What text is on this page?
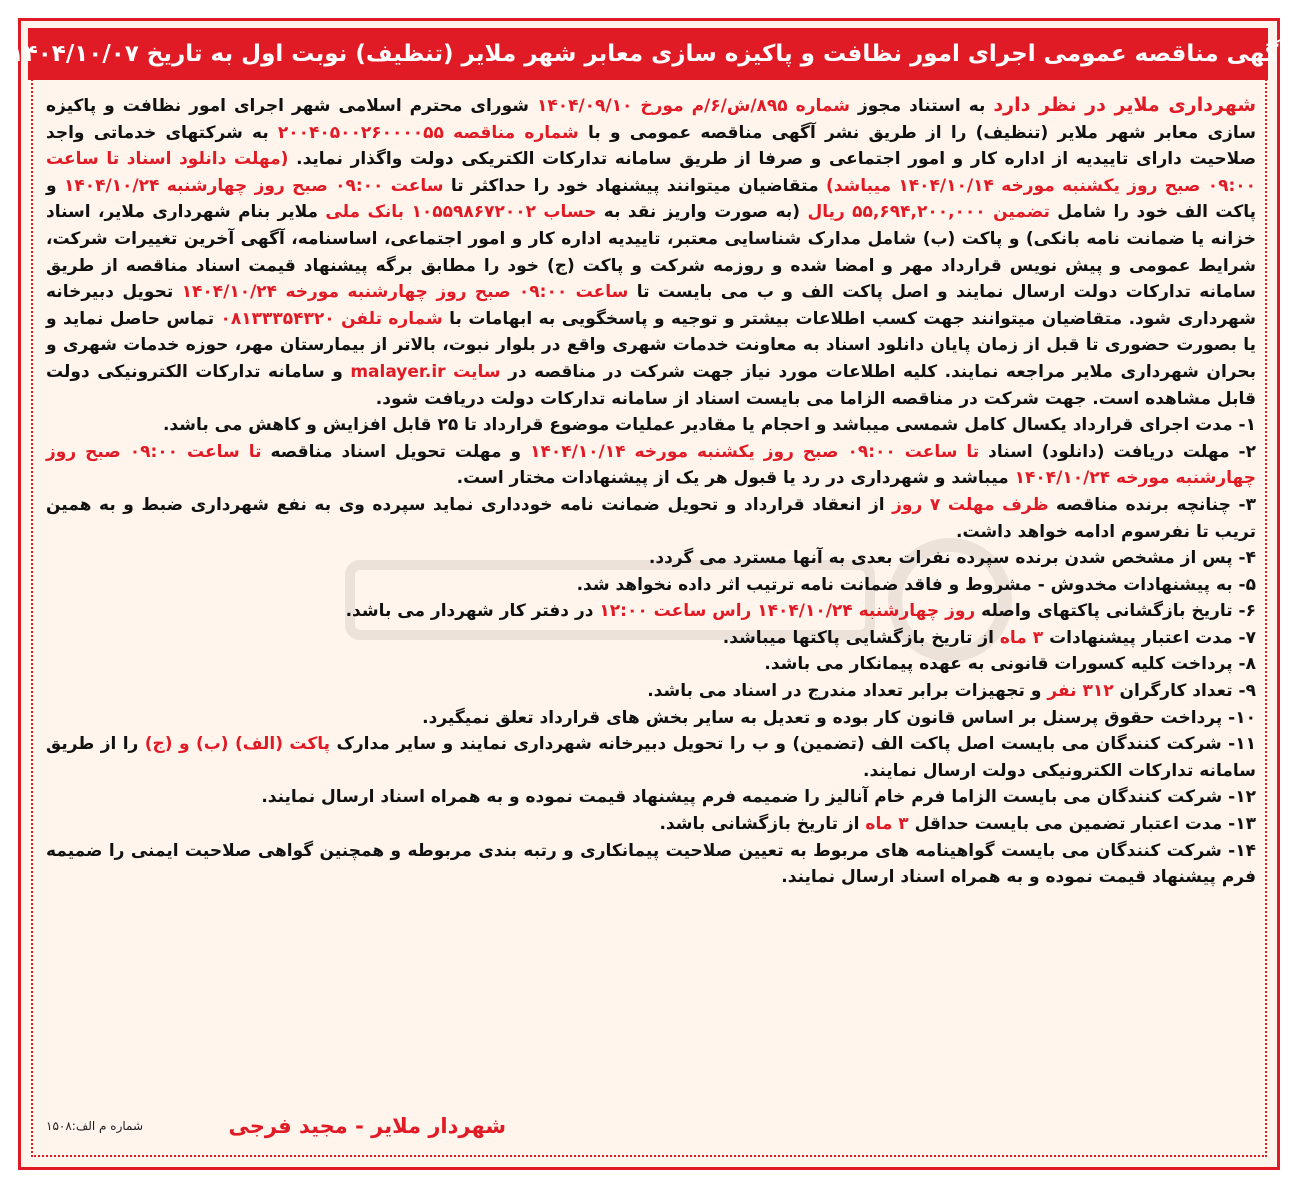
آگهی مناقصه عمومی اجرای امور نظافت و پاکیزه سازی معابر شهر ملایر (تنظیف) نوبت اول به تاریخ ۱۴۰۴/۱۰/۰۷

شهرداری ملایر در نظر دارد به استناد مجوز شماره ۸۹۵/ش/۶/م مورخ ۱۴۰۴/۰۹/۱۰ شورای محترم اسلامی شهر اجرای امور نظافت و پاکیزه سازی معابر شهر ملایر (تنظیف) را از طریق نشر آگهی مناقصه عمومی و با شماره مناقصه ۲۰۰۴۰۵۰۰۲۶۰۰۰۰۵۵ به شرکتهای خدماتی واجد صلاحیت دارای تاییدیه از اداره کار و امور اجتماعی و صرفا از طریق سامانه تدارکات الکتریکی دولت واگذار نماید. (مهلت دانلود اسناد تا ساعت ۰۹:۰۰ صبح روز یکشنبه مورخه ۱۴۰۴/۱۰/۱۴ میباشد) متقاضیان میتوانند پیشنهاد خود را حداکثر تا ساعت ۰۹:۰۰ صبح روز چهارشنبه ۱۴۰۴/۱۰/۲۴ و پاکت الف خود را شامل تضمین ۵۵,۶۹۴,۲۰۰,۰۰۰ ریال (به صورت واریز نقد به حساب ۱۰۵۵۹۸۶۷۲۰۰۲ بانک ملی ملایر بنام شهرداری ملایر، اسناد خزانه یا ضمانت نامه بانکی) و پاکت (ب) شامل مدارک شناسایی معتبر، تاییدیه اداره کار و امور اجتماعی، اساسنامه، آگهی آخرین تغییرات شرکت، شرایط عمومی و پیش نویس قرارداد مهر و امضا شده و روزمه شرکت و پاکت (ج) خود را مطابق برگه پیشنهاد قیمت اسناد مناقصه از طریق سامانه تدارکات دولت ارسال نمایند و اصل پاکت الف و ب می بایست تا ساعت ۰۹:۰۰ صبح روز چهارشنبه مورخه ۱۴۰۴/۱۰/۲۴ تحویل دبیرخانه شهرداری شود. متقاضیان میتوانند جهت کسب اطلاعات بیشتر و توجیه و پاسخگویی به ابهامات با شماره تلفن ۰۸۱۳۳۳۵۴۳۲۰ تماس حاصل نماید و یا بصورت حضوری تا قبل از زمان پایان دانلود اسناد به معاونت خدمات شهری واقع در بلوار نبوت، بالاتر از بیمارستان مهر، حوزه خدمات شهری و بحران شهرداری ملایر مراجعه نمایند. کلیه اطلاعات مورد نیاز جهت شرکت در مناقصه در سایت malayer.ir و سامانه تدارکات الکترونیکی دولت قابل مشاهده است. جهت شرکت در مناقصه الزاما می بایست اسناد از سامانه تدارکات دولت دریافت شود.

۱- مدت اجرای قرارداد یکسال کامل شمسی میباشد و احجام یا مقادیر عملیات موضوع قرارداد تا ۲۵ قابل افزایش و کاهش می باشد.

۲- مهلت دریافت (دانلود) اسناد تا ساعت ۰۹:۰۰ صبح روز یکشنبه مورخه ۱۴۰۴/۱۰/۱۴ و مهلت تحویل اسناد مناقصه تا ساعت ۰۹:۰۰ صبح روز چهارشنبه مورخه ۱۴۰۴/۱۰/۲۴ میباشد و شهرداری در رد یا قبول هر یک از پیشنهادات مختار است.

۳- چنانچه برنده مناقصه ظرف مهلت ۷ روز از انعقاد قرارداد و تحویل ضمانت نامه خودداری نماید سپرده وی به نفع شهرداری ضبط و به همین تریب تا نفرسوم ادامه خواهد داشت.

۴- پس از مشخص شدن برنده سپرده نفرات بعدی به آنها مسترد می گردد.

۵- به پیشنهادات مخدوش - مشروط و فاقد ضمانت نامه ترتیب اثر داده نخواهد شد.

۶- تاریخ بازگشانی پاکتهای واصله روز چهارشنبه ۱۴۰۴/۱۰/۲۴ راس ساعت ۱۲:۰۰ در دفتر کار شهردار می باشد.

۷- مدت اعتبار پیشنهادات ۳ ماه از تاریخ بازگشایی پاکتها میباشد.

۸- پرداخت کلیه کسورات قانونی به عهده پیمانکار می باشد.

۹- تعداد کارگران ۳۱۲ نفر و تجهیزات برابر تعداد مندرج در اسناد می باشد.

۱۰- پرداخت حقوق پرسنل بر اساس قانون کار بوده و تعدیل به سایر بخش های قرارداد تعلق نمیگیرد.

۱۱- شرکت کنندگان می بایست اصل پاکت الف (تضمین) و ب را تحویل دبیرخانه شهرداری نمایند و سایر مدارک پاکت (الف) (ب) و (ج) را از طریق سامانه تدارکات الکترونیکی دولت ارسال نمایند.

۱۲- شرکت کنندگان می بایست الزاما فرم خام آنالیز را ضمیمه فرم پیشنهاد قیمت نموده و به همراه اسناد ارسال نمایند.

۱۳- مدت اعتبار تضمین می بایست حداقل ۳ ماه از تاریخ بازگشانی باشد.

۱۴- شرکت کنندگان می بایست گواهینامه های مربوط به تعیین صلاحیت پیمانکاری و رتبه بندی مربوطه و همچنین گواهی صلاحیت ایمنی را ضمیمه فرم پیشنهاد قیمت نموده و به همراه اسناد ارسال نمایند.

شهردار ملایر - مجید فرجی
شماره م الف:۱۵۰۸
